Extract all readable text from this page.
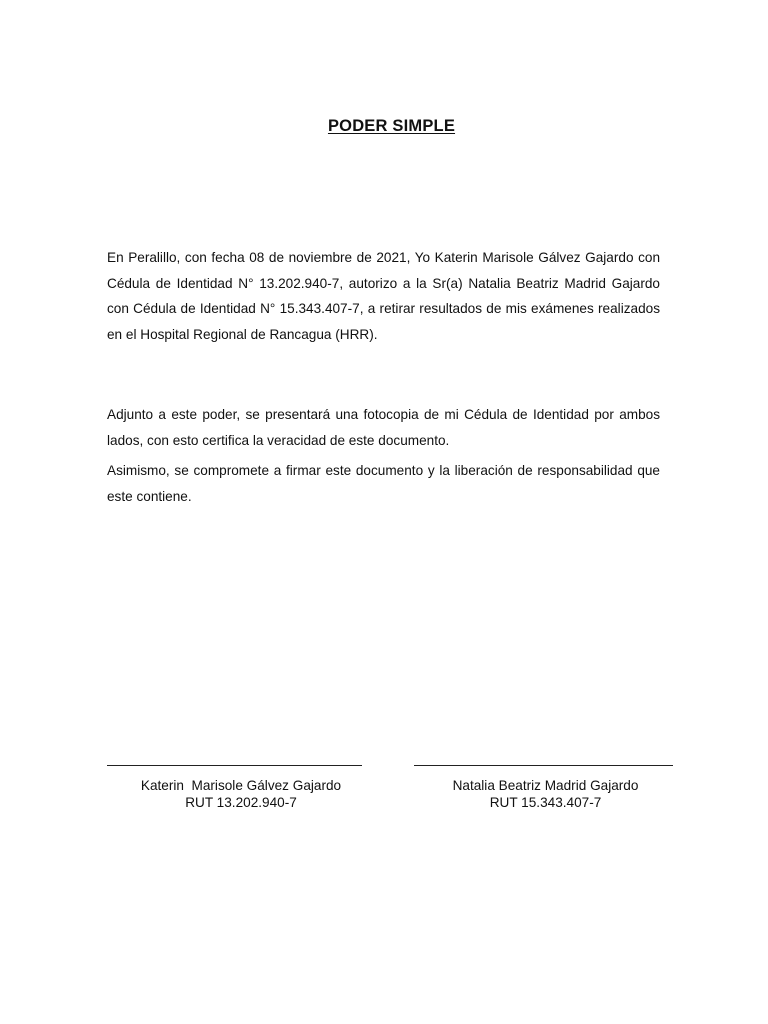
PODER SIMPLE

En Peralillo, con fecha 08 de noviembre de 2021, Yo Katerin Marisole Gálvez Gajardo con Cédula de Identidad N° 13.202.940-7, autorizo a la Sr(a) Natalia Beatriz Madrid Gajardo con Cédula de Identidad N° 15.343.407-7, a retirar resultados de mis exámenes realizados en el Hospital Regional de Rancagua (HRR).

Adjunto a este poder, se presentará una fotocopia de mi Cédula de Identidad por ambos lados, con esto certifica la veracidad de este documento.

Asimismo, se compromete a firmar este documento y la liberación de responsabilidad que este contiene.

Katerin  Marisole Gálvez Gajardo
RUT 13.202.940-7
Natalia Beatriz Madrid Gajardo
RUT 15.343.407-7
